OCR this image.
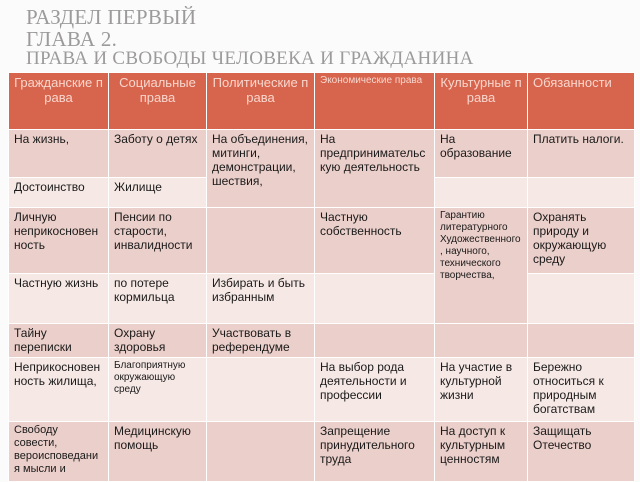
РАЗДЕЛ ПЕРВЫЙ
ГЛАВА 2.
ПРАВА И СВОБОДЫ ЧЕЛОВЕКА И ГРАЖДАНИНА
Гражданские права	Социальные права	Политические права	Экономические права	Культурные права	Обязанности
На жизнь,	Заботу о детях	На объединения, митинги, демонстрации, шествия,	На предпринимательскую деятельность	На образование	Платить налоги.
Достоинство	Жилище				
Личную неприкосновенность	Пенсии по старости, инвалидности		Частную собственность	Гарантию литературного Художественного, научного, технического творчества,	Охранять природу и окружающую среду
Частную жизнь	по потере кормильца	Избирать и быть избранным			
Тайну переписки	Охрану здоровья	Участвовать в референдуме			
Неприкосновенность жилища,	Благоприятную окружающую среду		На выбор рода деятельности и профессии	На участие в культурной жизни	Бережно относиться к природным богатствам
Свободу совести, вероисповедания мысли и	Медицинскую помощь		Запрещение принудительного труда	На доступ к культурным ценностям	Защищать Отечество
